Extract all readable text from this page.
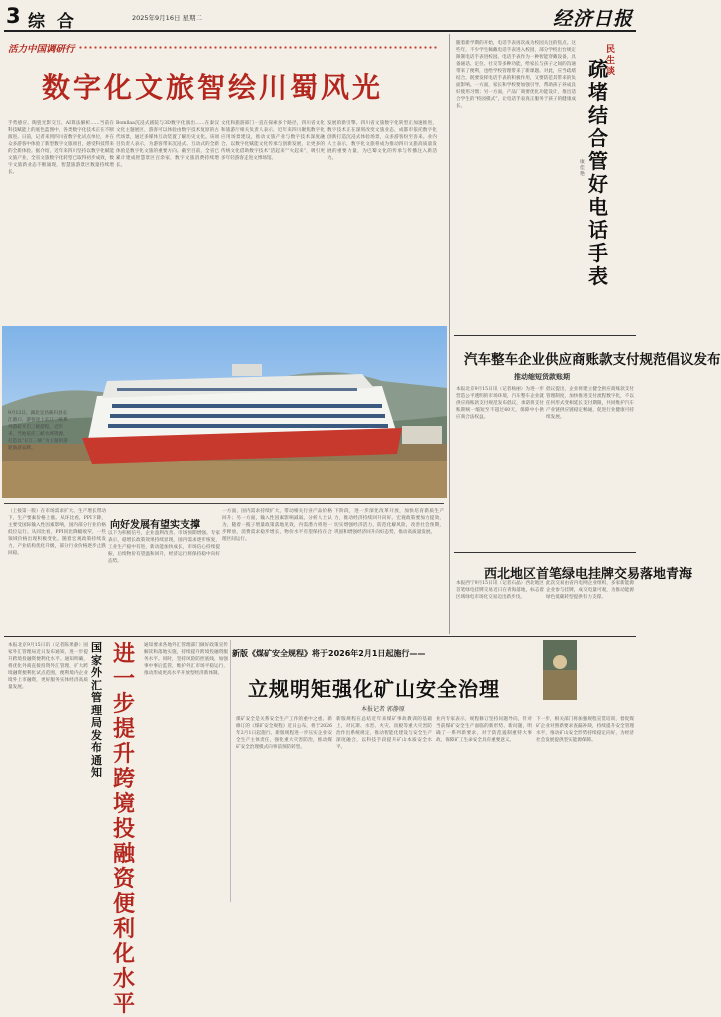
3 综 合	2025年9月16日 星期二	经济日报
活力中国调研行
数字化文旅智绘川蜀风光
手势感应、陶瓷光影交互、AI算法解析……当前在科技赋能上的底色蓝图中，各类数字化技术正在不断演进。日前，记者来到四川省数字化试点单位，并在众多游客中体验了新型数字文旅项目，感受科技带来的全新体验。据介绍，近年来四川坚持以数字化赋能文旅产业，全省文旅数字化转型已取得初步成效，数字文旅新业态不断涌现，智慧旅游景区数量持续增长。
Bomllaa沉浸式剧院与3D数字化演出……在秦汉文化主题展区，游客可以体验由数字技术复原的古代场景，通过多媒体互动装置了解历史文化。该项目负责人表示，为游客带来沉浸式、互动式的全新体验是数字化文旅的重要方向。截至目前，全省已累计建成智慧景区百余家，数字文旅消费持续增长。
文化和旅游部门一直在探索多个路径，四川省文化和旅游厅相关负责人表示，近年来四川聚焦数字化应用场景建设，推动文旅产业与数字技术深度融合，以数字化赋能文化传承与创新发展，让更多的传统文化借助数字技术“活起来”“火起来”，吸引更多年轻游客走进文博场馆。
发展的新引擎。四川省文旅数字化转型正加速推进，数字技术正在深刻改变文旅业态，成都市依托数字化创新打造沉浸式体验场景，众多游客纷至沓来。业内人士表示，数字化文旅将成为推动四川文旅高质量发展的重要力量，为巴蜀文化的传承与传播注入新活力。
9月12日，湖北宜昌秭归县长江港口，游客登上长江三峡系列游轮开启三峡游程。近年来，当地依托三峡水域资源，打造以“长江三峡”为主题的游轮旅游品牌。
（上接第一版）在市场需求扩大、生产增长带动下，生产要素价格上涨。从环比看，PPI下降，主要受国际输入性因素影响，国内部分行业价格低位运行。从同比看，PPI同比降幅收窄，一些领域价格出现积极变化。随着宏观政策持续发力，产业结构优化升级，部分行业价格逐步止跌回稳。
向好发展有望实支撑
以下为积极信号，企业盈利改善、市场预期增强。专家表示，稳增长政策效果持续显现，国内需求逐步恢复，工业生产稳中有进，新动能加快成长，市场信心持续提振，后续物价有望温和回升，经济运行将保持稳中向好态势。
一方面，国内需求持续扩大，带动相关行业产品价格回升；另一方面，输入性因素影响减弱。分析人士认为，随着一揽子增量政策落地见效，内需潜力将进一步释放，消费需求稳步增长，物价水平有望保持在合理区间运行。
下阶段，进一步深化改革开放，加快培育新质生产力，推动经济持续回升向好。宏观政策要加力提效，切实增强经济活力，防范化解风险，改善社会预期，巩固和增强经济回升向好态势，推动高质量发展。
随着新学期的开始，电话手表再次成为校园关注的焦点。这些年，不少学生佩戴电话手表进入校园，部分学校出台规定限制电话手表进校园。电话手表作为一种智能穿戴设备，具备通话、定位、社交等多种功能，给家长与孩子之间的沟通带来了便利，也给学校管理带来了新课题。对此，应当疏堵结合，既要发挥电话手表的积极作用，又要防范其带来的负面影响。一方面，家长和学校要加强引导，帮助孩子养成良好使用习惯；另一方面，产品厂商要优化功能设计，推出适合学生的“校园模式”，让电话手表真正服务于孩子的健康成长。
民生谈
疏堵结合管好电话手表
康佳艳
汽车整车企业供应商账款支付规范倡议发布
推动缩短货款账期
本报北京9月15日讯（记者杨丽）为进一步营造公平透明的市场环境，汽车整车企业就供应商账款支付规范发布倡议，承诺将支付账期统一缩短至不超过60天，保障中小供应商合法权益。
倡议提出，企业将建立健全供应商账款支付管理制度，加快推进支付流程数字化，不以任何形式变相延长支付期限，共同维护汽车产业链供应链稳定畅通，促进行业健康可持续发展。
西北地区首笔绿电挂牌交易落地青海
本报西宁9月15日讯（记者石晶）西北地区首笔绿电挂牌交易近日在青海落地，标志着区域绿电市场化交易迈出新步伐。
此次交易由省内电网企业组织，多家新能源企业参与挂牌，成交电量可观，为推动能源绿色低碳转型提供有力支撑。
本报北京9月15日讯（记者陈果静）国家外汇管理局近日发布通知，进一步提升跨境投融资便利化水平。通知明确，将优化外商直接投资外汇管理，扩大跨境融资便利化试点范围，便利境内企业境外上市融资，更好服务实体经济高质量发展。
国家外汇管理局发布通知
进一步提升跨境投融资便利化水平
通知要求各地外汇管理部门做好政策宣传解读和落地实施，持续提升跨境投融资服务水平。同时，坚持风险防控底线，加强事中事后监管，维护外汇市场平稳运行，推动形成更高水平开放型经济新体制。
新版《煤矿安全规程》将于2026年2月1日起施行——
立规明矩强化矿山安全治理
本报记者 郭静原
煤矿安全是关系安全生产工作的重中之重。新修订的《煤矿安全规程》近日公布，将于2026年2月1日起施行。新版规程进一步压实企业安全生产主体责任，强化重大灾害防治，推动煤矿安全治理模式向事前预防转型。
新版规程在总结近年来煤矿事故教训的基础上，对瓦斯、水害、火灾、顶板等重大灾害防治作出系统规定，推动智能化建设与安全生产深度融合，以科技手段提升矿山本质安全水平。
业内专家表示，规程修订坚持问题导向，针对当前煤矿安全生产面临的新形势、新问题，明确了一系列新要求，对于防范遏制重特大事故、保障矿工生命安全具有重要意义。
下一步，相关部门将加强规程宣贯培训，督促煤矿企业对照新要求查漏补缺，持续提升安全管理水平，推动矿山安全形势持续稳定向好，为经济社会发展提供坚实能源保障。
